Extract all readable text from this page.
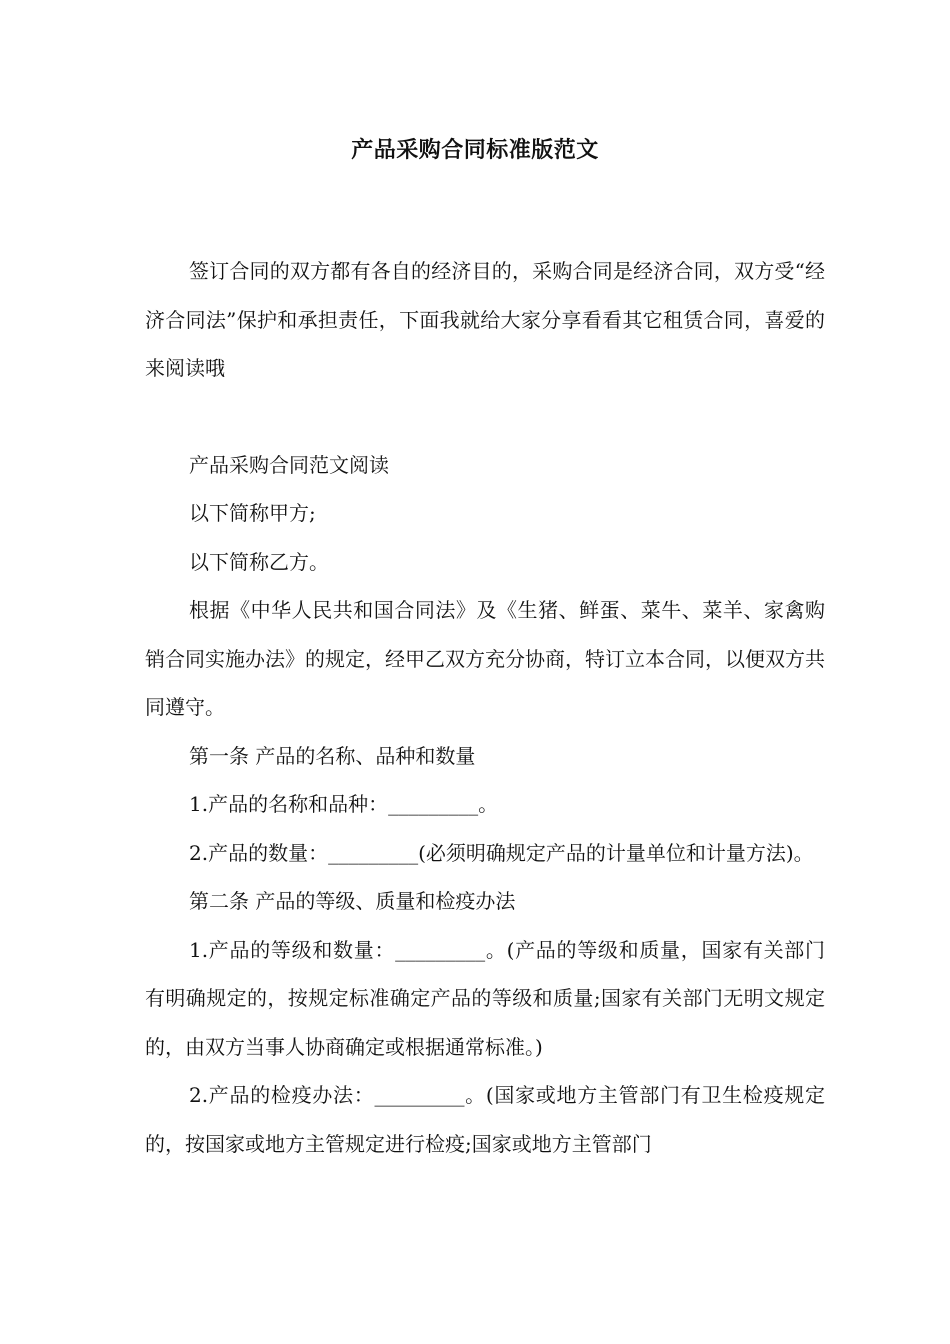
产品采购合同标准版范文

签订合同的双方都有各自的经济目的，采购合同是经济合同，双方受“经济合同法”保护和承担责任，下面我就给大家分享看看其它租赁合同，喜爱的来阅读哦

产品采购合同范文阅读

以下简称甲方;

以下简称乙方。

根据《中华人民共和国合同法》及《生猪、鲜蛋、菜牛、菜羊、家禽购销合同实施办法》的规定，经甲乙双方充分协商，特订立本合同，以便双方共同遵守。

第一条 产品的名称、品种和数量

1.产品的名称和品种：_________。

2.产品的数量：_________(必须明确规定产品的计量单位和计量方法)。

第二条 产品的等级、质量和检疫办法

1.产品的等级和数量：_________。(产品的等级和质量，国家有关部门有明确规定的，按规定标准确定产品的等级和质量;国家有关部门无明文规定的，由双方当事人协商确定或根据通常标准。)

2.产品的检疫办法：_________。(国家或地方主管部门有卫生检疫规定的，按国家或地方主管规定进行检疫;国家或地方主管部门
